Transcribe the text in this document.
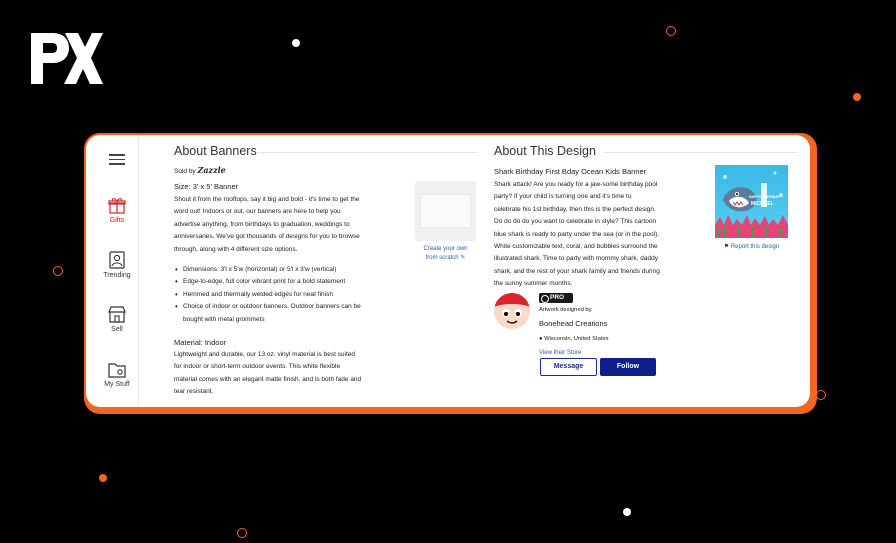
Gifts
Trending
Sell
My Stuff
About Banners
Sold by Zazzle
Size: 3' x 5' Banner
Shout it from the rooftops, say it big and bold - it's time to get the
word out! Indoors or out, our banners are here to help you
advertise anything, from birthdays to graduation, weddings to
anniversaries. We've got thousands of designs for you to browse
through, along with 4 different size options.
• Dimensions: 3'l x 5'w (horizontal) or 5'l x 3'w (vertical)
• Edge-to-edge, full color vibrant print for a bold statement
• Hemmed and thermally welded edges for neat finish
• Choice of indoor or outdoor banners. Outdoor banners can be
bought with metal grommets
Material: Indoor
Lightweight and durable, our 13 oz. vinyl material is best suited
for indoor or short-term outdoor events. This white flexible
material comes with an elegant matte finish, and is both fade and
tear resistant.
Create your own
from scratch ✎
About This Design
Shark Birthday First Bday Ocean Kids Banner
Shark attack! Are you ready for a jaw-some birthday pool
party? If your child is turning one and it's time to
celebrate his 1st birthday, then this is the perfect design.
Do do do do you want to celebrate in style? This cartoon
blue shark is ready to party under the sea (or in the pool).
White customizable text, coral, and bubbles surround the
illustrated shark. Time to party with mommy shark, daddy
shark, and the rest of your shark family and friends during
the sunny summer months.
HAPPY BIRTHDAY
MICHAEL
⚑ Report this design
PRO
Artwork designed by
Bonehead Creations
● Wisconsin, United States
View their Store
Message	Follow
